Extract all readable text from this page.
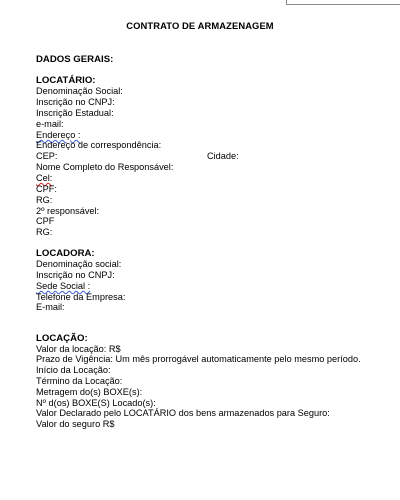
CONTRATO DE ARMAZENAGEM
DADOS GERAIS:
LOCATÁRIO:
Denominação Social:
Inscrição no CNPJ:
Inscrição Estadual:
e-mail:
Endereço :
Endereço de correspondência:
CEP:	Cidade:
Nome Completo do Responsável:
Cel:
CPF:
RG:
2º responsável:
CPF
RG:
LOCADORA:
Denominação social:
Inscrição no CNPJ:
Sede Social :
Telefone da Empresa:
E-mail:
LOCAÇÃO:
Valor da locação: R$
Prazo de Vigência: Um mês prorrogável automaticamente pelo mesmo período.
Início da Locação:
Término da Locação:
Metragem do(s) BOXE(s):
Nº d(os) BOXE(S) Locado(s):
Valor Declarado pelo LOCATÁRIO dos bens armazenados para Seguro:
Valor do seguro R$
